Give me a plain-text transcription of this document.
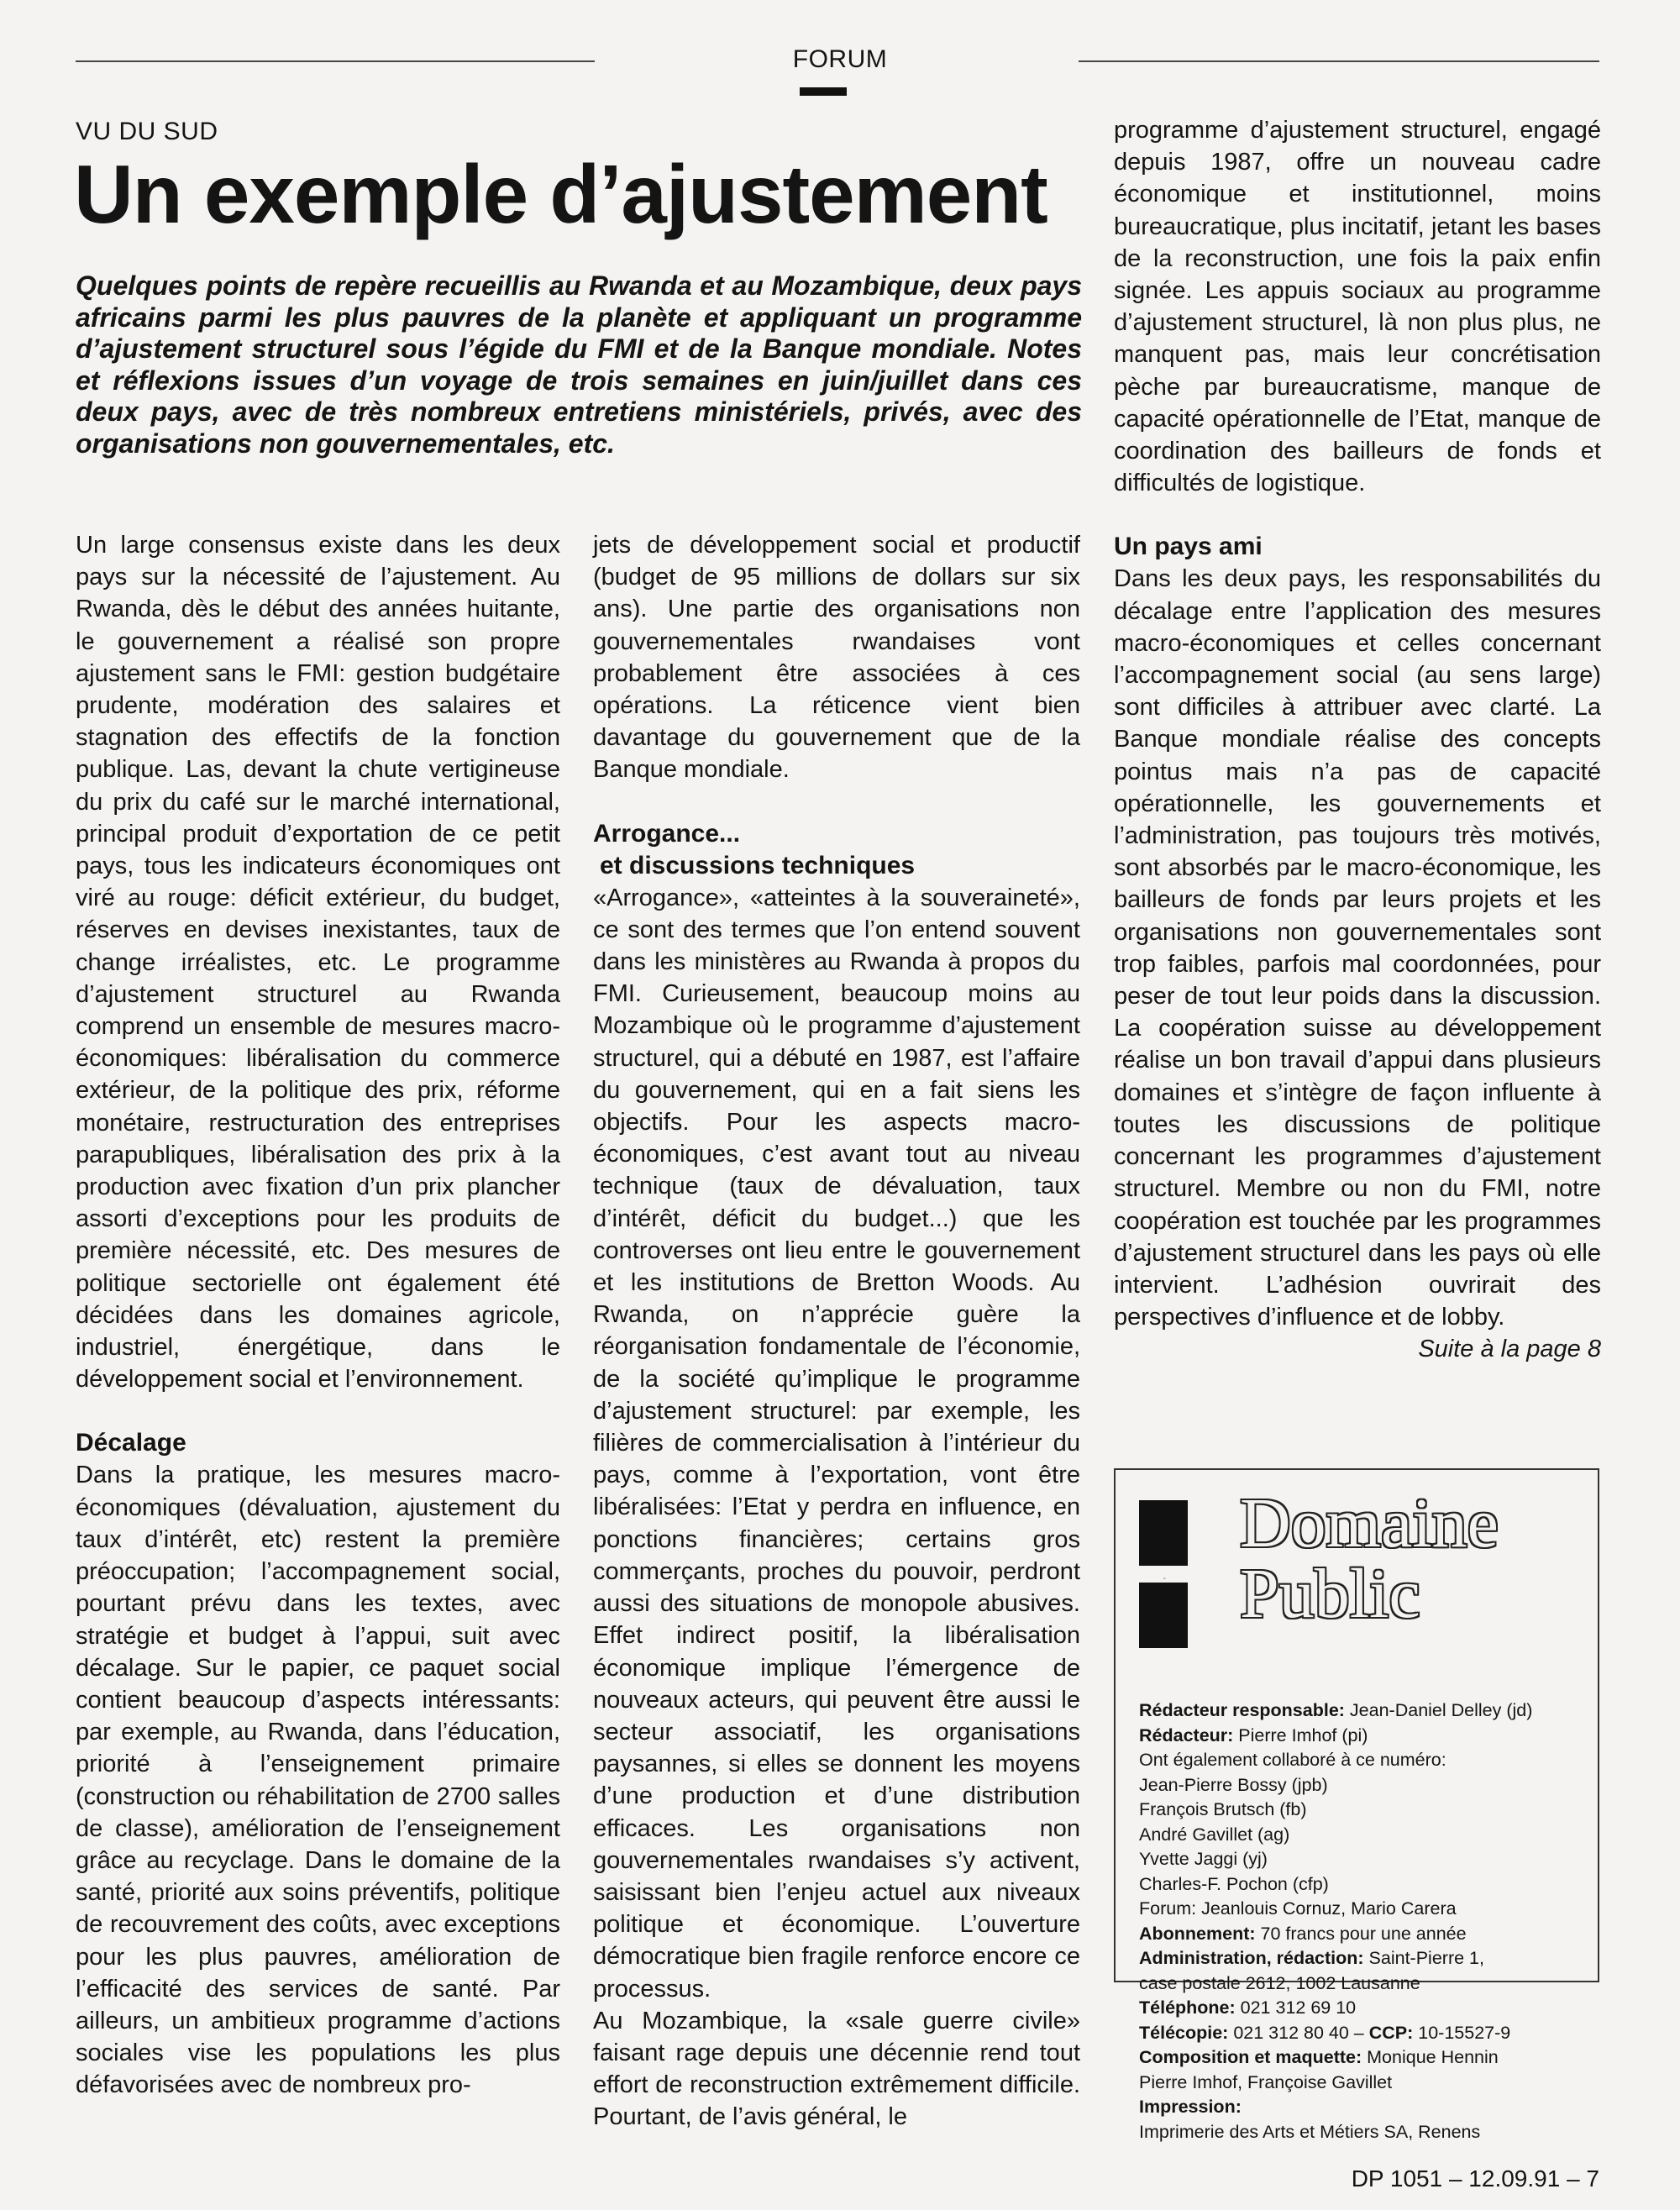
FORUM
VU DU SUD
Un exemple d’ajustement
Quelques points de repère recueillis au Rwanda et au Mozambique, deux pays africains parmi les plus pauvres de la planète et appliquant un programme d’ajustement structurel sous l’égide du FMI et de la Banque mondiale. Notes et réflexions issues d’un voyage de trois semaines en juin/juillet dans ces deux pays, avec de très nombreux entretiens ministériels, privés, avec des organisations non gouvernementales, etc.

Un large consensus existe dans les deux pays sur la nécessité de l’ajustement. Au Rwanda, dès le début des années huitante, le gouvernement a réalisé son propre ajustement sans le FMI: gestion budgétaire prudente, modération des salaires et stagnation des effectifs de la fonction publique. Las, devant la chute vertigineuse du prix du café sur le marché international, principal produit d’exportation de ce petit pays, tous les indicateurs économiques ont viré au rouge: déficit extérieur, du budget, réserves en devises inexistantes, taux de change irréalistes, etc. Le programme d’ajustement structurel au Rwanda comprend un ensemble de mesures macro-économiques: libéralisation du commerce extérieur, de la politique des prix, réforme monétaire, restructuration des entreprises parapubliques, libéralisation des prix à la production avec fixation d’un prix plancher assorti d’exceptions pour les produits de première nécessité, etc. Des mesures de politique sectorielle ont également été décidées dans les domaines agricole, industriel, énergétique, dans le développement social et l’environnement.

Décalage

Dans la pratique, les mesures macro-économiques (dévaluation, ajustement du taux d’intérêt, etc) restent la première préoccupation; l’accompagnement social, pourtant prévu dans les textes, avec stratégie et budget à l’appui, suit avec décalage. Sur le papier, ce paquet social contient beaucoup d’aspects intéressants: par exemple, au Rwanda, dans l’éducation, priorité à l’enseignement primaire (construction ou réhabilitation de 2700 salles de classe), amélioration de l’enseignement grâce au recyclage. Dans le domaine de la santé, priorité aux soins préventifs, politique de recouvrement des coûts, avec exceptions pour les plus pauvres, amélioration de l’efficacité des services de santé. Par ailleurs, un ambitieux programme d’actions sociales vise les populations les plus défavorisées avec de nombreux pro-

jets de développement social et productif (budget de 95 millions de dollars sur six ans). Une partie des organisations non gouvernementales rwandaises vont probablement être associées à ces opérations. La réticence vient bien davantage du gouvernement que de la Banque mondiale.

Arrogance...
et discussions techniques

«Arrogance», «atteintes à la souveraineté», ce sont des termes que l’on entend souvent dans les ministères au Rwanda à propos du FMI. Curieusement, beaucoup moins au Mozambique où le programme d’ajustement structurel, qui a débuté en 1987, est l’affaire du gouvernement, qui en a fait siens les objectifs. Pour les aspects macro-économiques, c’est avant tout au niveau technique (taux de dévaluation, taux d’intérêt, déficit du budget...) que les controverses ont lieu entre le gouvernement et les institutions de Bretton Woods. Au Rwanda, on n’apprécie guère la réorganisation fondamentale de l’économie, de la société qu’implique le programme d’ajustement structurel: par exemple, les filières de commercialisation à l’intérieur du pays, comme à l’exportation, vont être libéralisées: l’Etat y perdra en influence, en ponctions financières; certains gros commerçants, proches du pouvoir, perdront aussi des situations de monopole abusives. Effet indirect positif, la libéralisation économique implique l’émergence de nouveaux acteurs, qui peuvent être aussi le secteur associatif, les organisations paysannes, si elles se donnent les moyens d’une production et d’une distribution efficaces. Les organisations non gouvernementales rwandaises s’y activent, saisissant bien l’enjeu actuel aux niveaux politique et économique. L’ouverture démocratique bien fragile renforce encore ce processus.

Au Mozambique, la «sale guerre civile» faisant rage depuis une décennie rend tout effort de reconstruction extrêmement difficile. Pourtant, de l’avis général, le

programme d’ajustement structurel, engagé depuis 1987, offre un nouveau cadre économique et institutionnel, moins bureaucratique, plus incitatif, jetant les bases de la reconstruction, une fois la paix enfin signée. Les appuis sociaux au programme d’ajustement structurel, là non plus plus, ne manquent pas, mais leur concrétisation pèche par bureaucratisme, manque de capacité opérationnelle de l’Etat, manque de coordination des bailleurs de fonds et difficultés de logistique.

Un pays ami

Dans les deux pays, les responsabilités du décalage entre l’application des mesures macro-économiques et celles concernant l’accompagnement social (au sens large) sont difficiles à attribuer avec clarté. La Banque mondiale réalise des concepts pointus mais n’a pas de capacité opérationnelle, les gouvernements et l’administration, pas toujours très motivés, sont absorbés par le macro-économique, les bailleurs de fonds par leurs projets et les organisations non gouvernementales sont trop faibles, parfois mal coordonnées, pour peser de tout leur poids dans la discussion. La coopération suisse au développement réalise un bon travail d’appui dans plusieurs domaines et s’intègre de façon influente à toutes les discussions de politique concernant les programmes d’ajustement structurel. Membre ou non du FMI, notre coopération est touchée par les programmes d’ajustement structurel dans les pays où elle intervient. L’adhésion ouvrirait des perspectives d’influence et de lobby.

Suite à la page 8

DP
Domaine
Public
Rédacteur responsable: Jean-Daniel Delley (jd)
Rédacteur: Pierre Imhof (pi)
Ont également collaboré à ce numéro:
Jean-Pierre Bossy (jpb)
François Brutsch (fb)
André Gavillet (ag)
Yvette Jaggi (yj)
Charles-F. Pochon (cfp)
Forum: Jeanlouis Cornuz, Mario Carera
Abonnement: 70 francs pour une année
Administration, rédaction: Saint-Pierre 1,
case postale 2612, 1002 Lausanne
Téléphone: 021 312 69 10
Télécopie: 021 312 80 40 – CCP: 10-15527-9
Composition et maquette: Monique Hennin
Pierre Imhof, Françoise Gavillet
Impression:
Imprimerie des Arts et Métiers SA, Renens
DP 1051 – 12.09.91 – 7
